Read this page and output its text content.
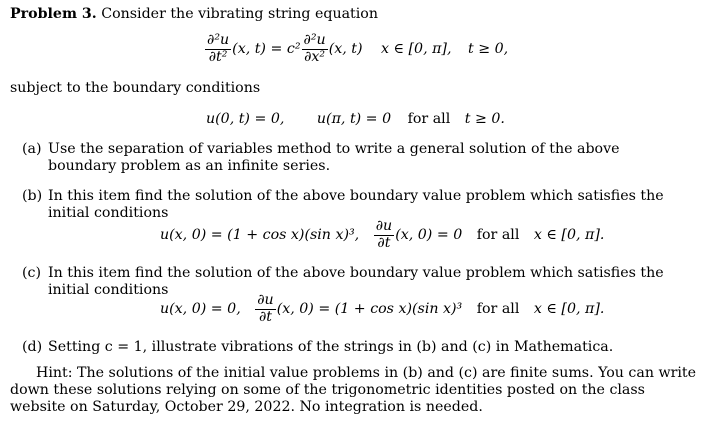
Problem 3. Consider the vibrating string equation
$\frac{\text{∂²u}}{\text{∂t²}} (x$, $t) = c^2 \frac{\text{∂²u}}{\text{∂x²}} (x$, t) x ∈ [0, π], t ≥ 0,
subject to the boundary conditions
u(0, t) = 0, u(π, t) = 0 for all t ≥ 0.
(a) Use the separation of variables method to write a general solution of the above boundary problem as an infinite series.
(b) In this item find the solution of the above boundary value problem which satisfies the initial conditions
u(x, 0) = (1 + cos x)(sin x)³, $\frac{\partial u}{\partial t} (x$, 0) = 0 for all x ∈ [0, π].
(c) In this item find the solution of the above boundary value problem which satisfies the initial conditions
u(x, 0) = 0, $\frac{\partial u}{\partial t} (x$, 0) = (1 + cos x)(sin x)³ for all x ∈ [0, π].
(d) Setting c = 1, illustrate vibrations of the strings in (b) and (c) in Mathematica.
Hint: The solutions of the initial value problems in (b) and (c) are finite sums. You can write down these solutions relying on some of the trigonometric identities posted on the class website on Saturday, October 29, 2022. No integration is needed.
